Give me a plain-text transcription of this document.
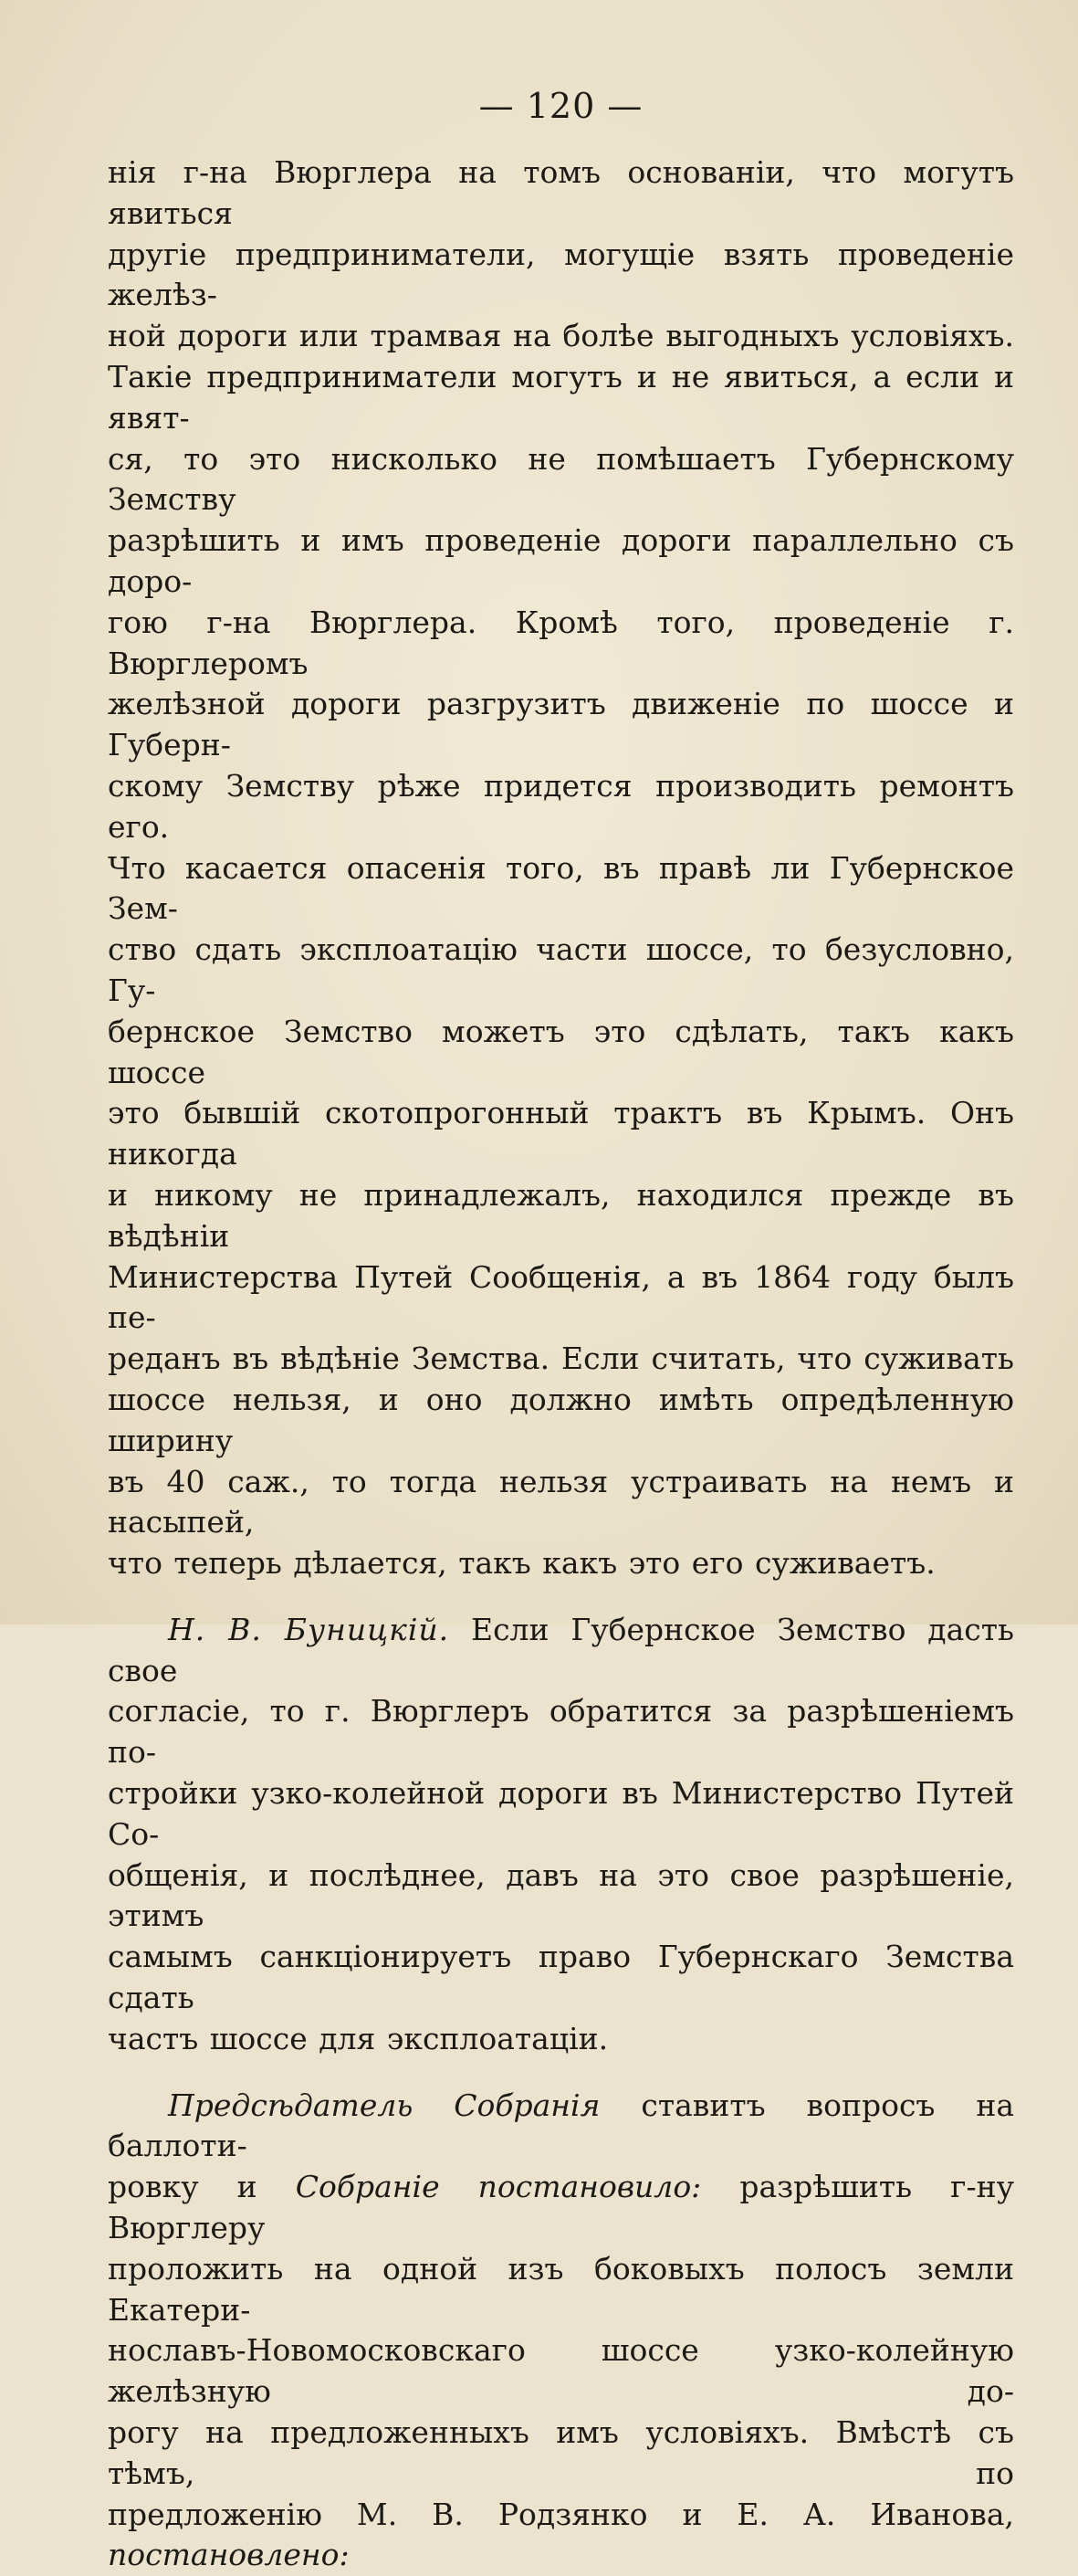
— 120 —
нія г-на Вюрглера на томъ основаніи, что могутъ явиться
другіе предприниматели, могущіе взять проведеніе желѣз-
ной дороги или трамвая на болѣе выгодныхъ условіяхъ.
Такіе предприниматели могутъ и не явиться, а если и явят-
ся, то это нисколько не помѣшаетъ Губернскому Земству
разрѣшить и имъ проведеніе дороги параллельно съ доро-
гою г-на Вюрглера. Кромѣ того, проведеніе г. Вюрглеромъ
желѣзной дороги разгрузитъ движеніе по шоссе и Губерн-
скому Земству рѣже придется производить ремонтъ его.
Что касается опасенія того, въ правѣ ли Губернское Зем-
ство сдать эксплоатацію части шоссе, то безусловно, Гу-
бернское Земство можетъ это сдѣлать, такъ какъ шоссе
это бывшій скотопрогонный трактъ въ Крымъ. Онъ никогда
и никому не принадлежалъ, находился прежде въ вѣдѣніи
Министерства Путей Сообщенія, а въ 1864 году былъ пе-
реданъ въ вѣдѣніе Земства. Если считать, что суживать
шоссе нельзя, и оно должно имѣть опредѣленную ширину
въ 40 саж., то тогда нельзя устраивать на немъ и насыпей,
что теперь дѣлается, такъ какъ это его суживаетъ.
Н. В. Буницкій. Если Губернское Земство дасть свое
согласіе, то г. Вюрглеръ обратится за разрѣшеніемъ по-
стройки узко-колейной дороги въ Министерство Путей Со-
общенія, и послѣднее, давъ на это свое разрѣшеніе, этимъ
самымъ санкціонируетъ право Губернскаго Земства сдать
частъ шоссе для эксплоатаціи.
Предсѣдатель Собранія ставитъ вопросъ на баллоти-
ровку и Собраніе постановило: разрѣшить г-ну Вюрглеру
проложить на одной изъ боковыхъ полосъ земли Екатери-
нославъ-Новомосковскаго шоссе узко-колейную желѣзную до-
рогу на предложенныхъ имъ условіяхъ. Вмѣстѣ съ тѣмъ, по
предложенію М. В. Родзянко и Е. А. Иванова, постановлено:
